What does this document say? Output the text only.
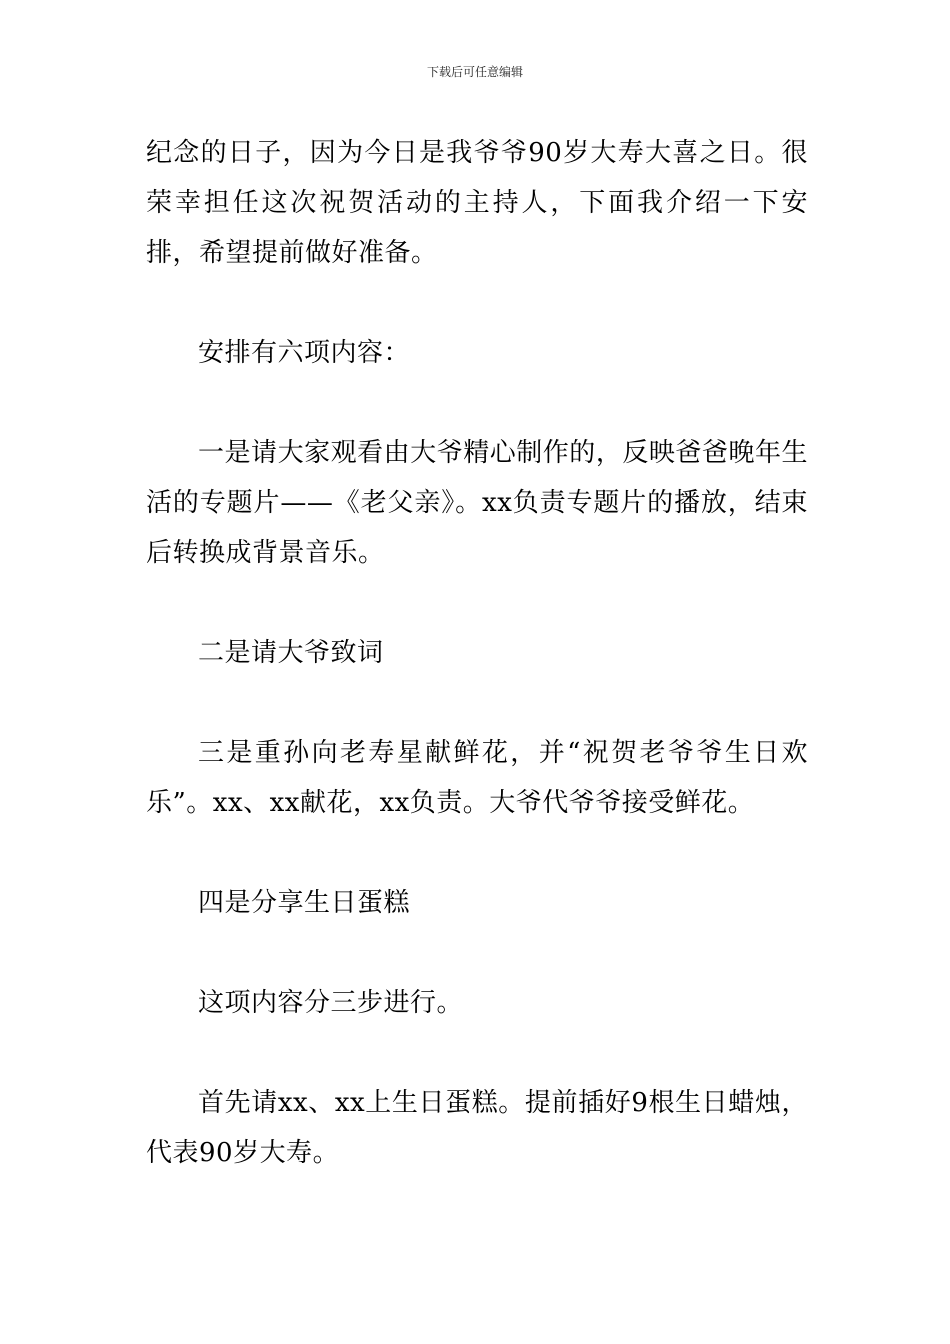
下载后可任意编辑

纪念的日子，因为今日是我爷爷90岁大寿大喜之日。很荣幸担任这次祝贺活动的主持人，下面我介绍一下安排，希望提前做好准备。

安排有六项内容：

一是请大家观看由大爷精心制作的，反映爸爸晚年生活的专题片——《老父亲》。xx负责专题片的播放，结束后转换成背景音乐。

二是请大爷致词

三是重孙向老寿星献鲜花，并“祝贺老爷爷生日欢乐”。xx、xx献花，xx负责。大爷代爷爷接受鲜花。

四是分享生日蛋糕

这项内容分三步进行。

首先请xx、xx上生日蛋糕。提前插好9根生日蜡烛，代表90岁大寿。
